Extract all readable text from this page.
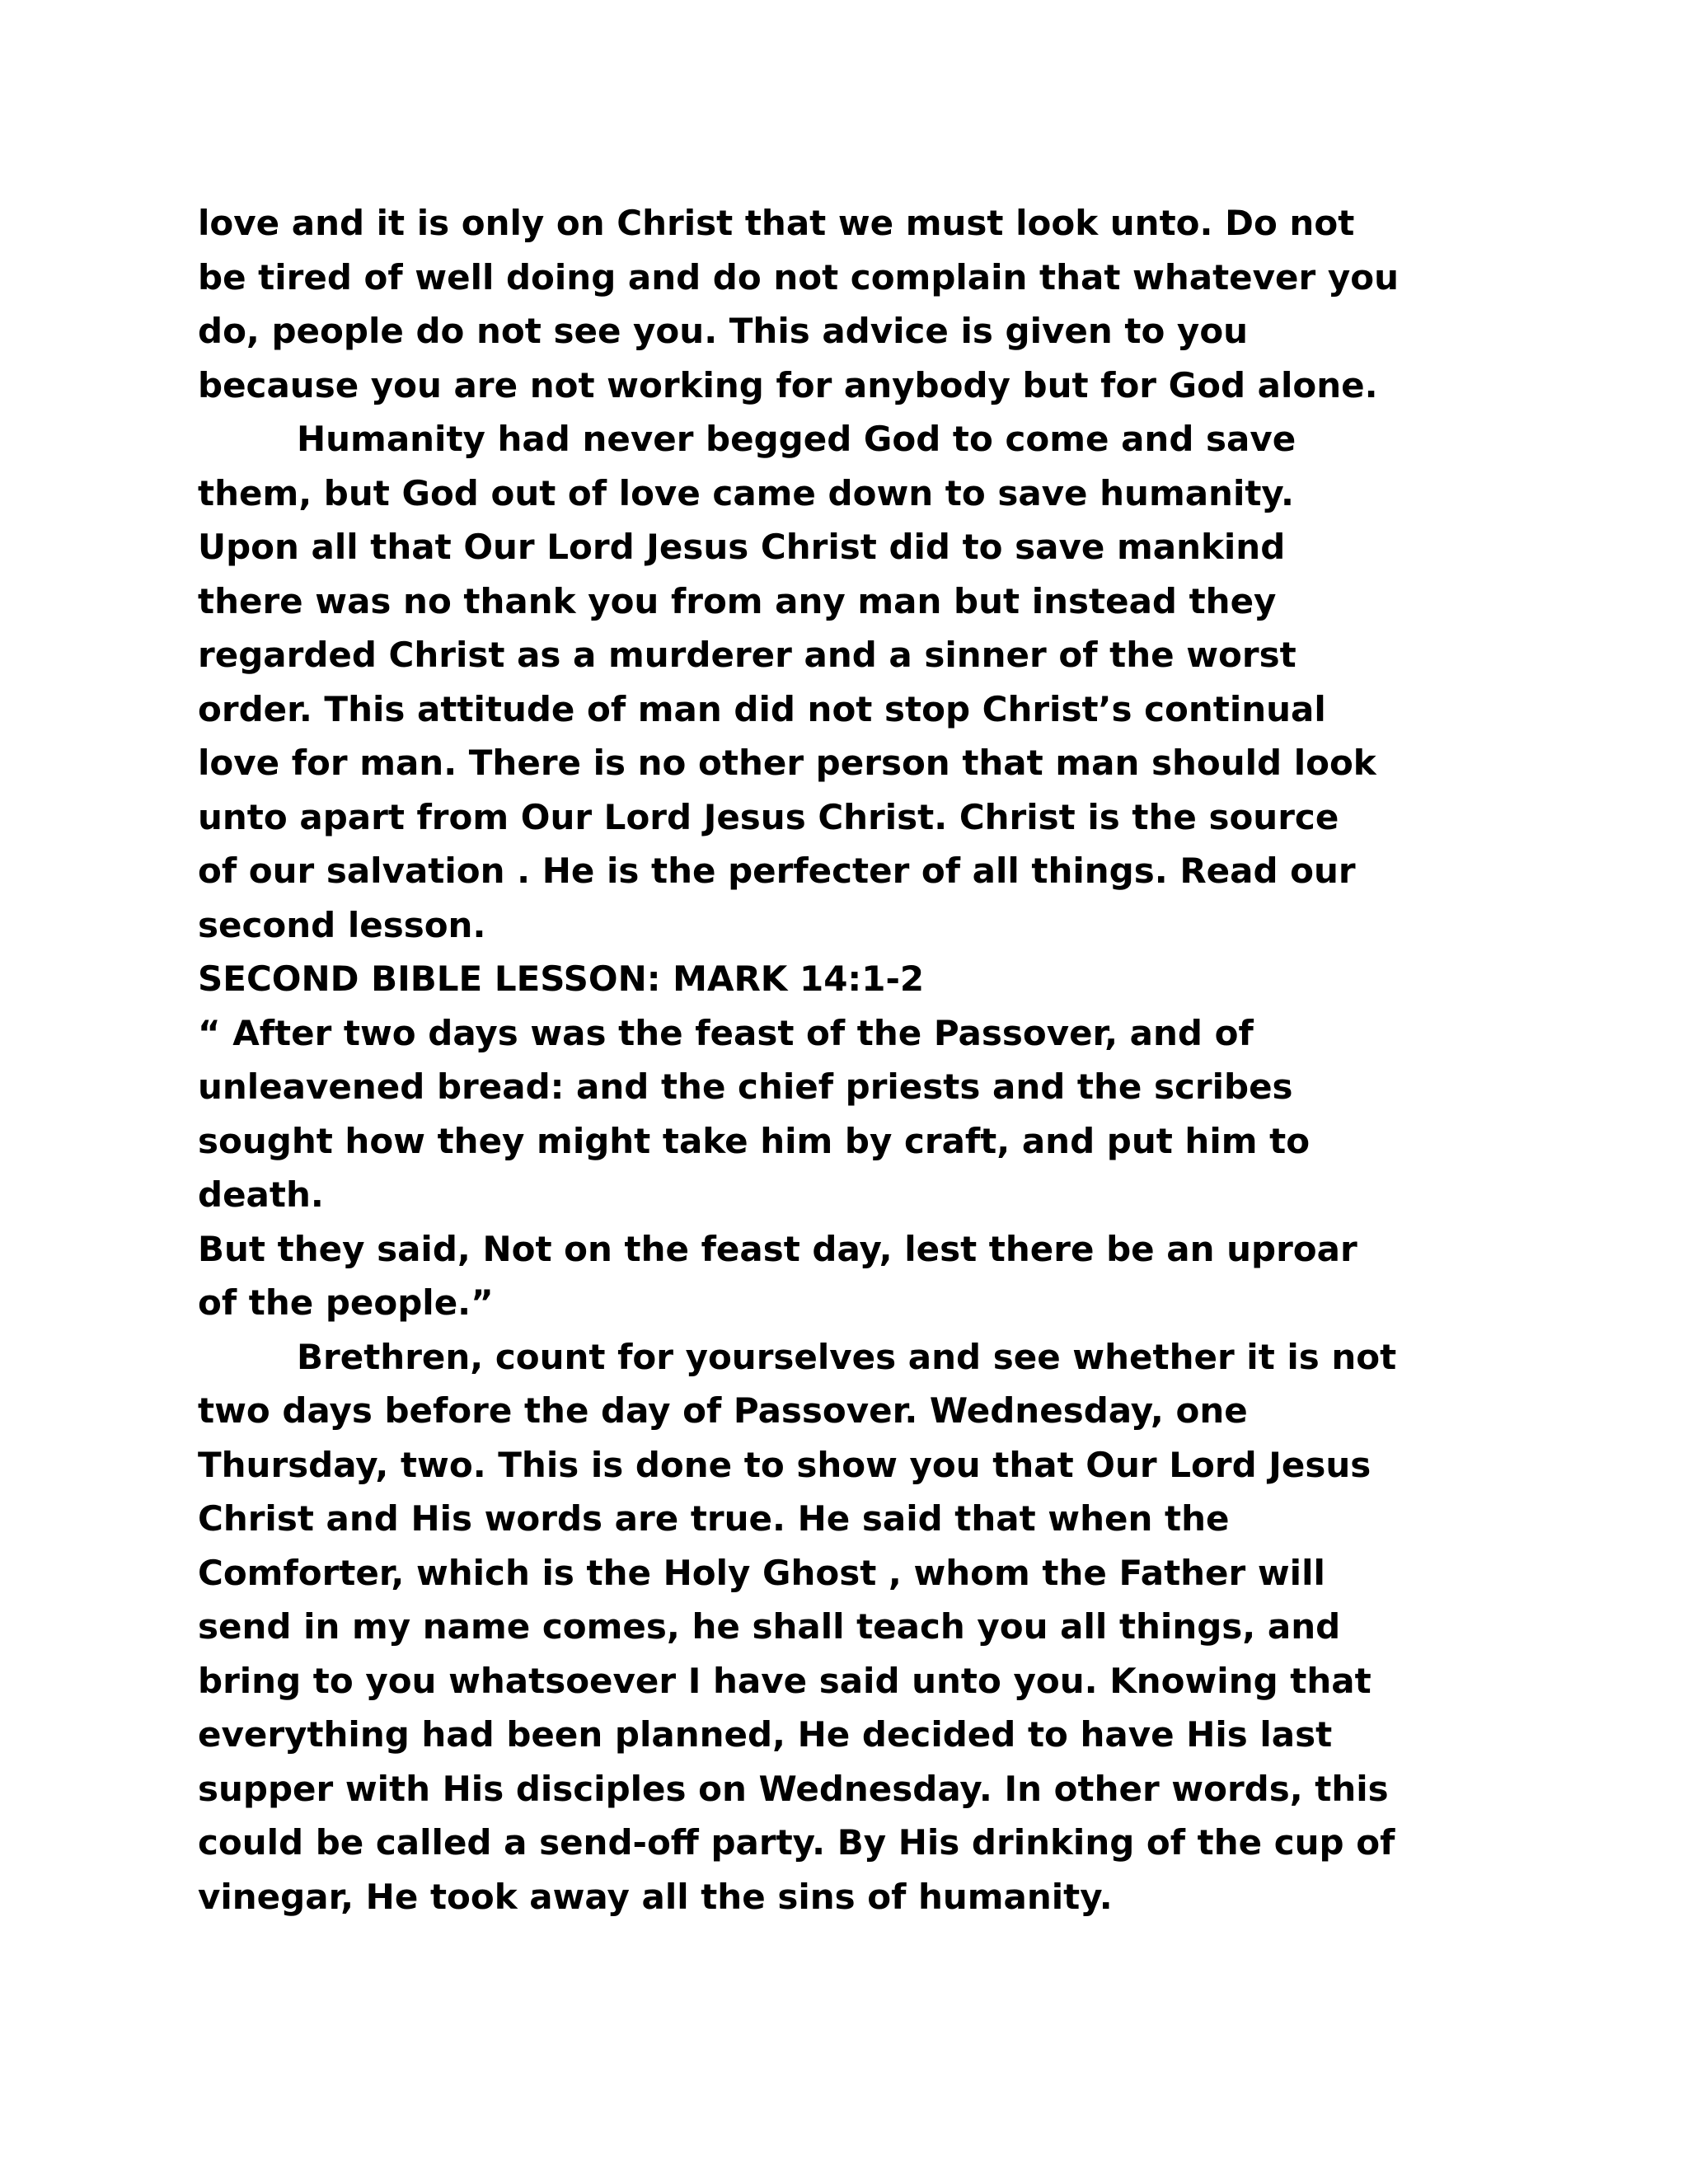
love and it is only on Christ that we must look unto. Do not
be tired of well doing and do not complain that whatever you
do, people do not see you. This advice is given to you
because you are not working for anybody but for God alone.
Humanity had never begged God to come and save
them, but God out of love came down to save humanity.
Upon all that Our Lord Jesus Christ did to save mankind
there was no thank you from any man but instead they
regarded Christ as a murderer and a sinner of the worst
order. This attitude of man did not stop Christ’s continual
love for man. There is no other person that man should look
unto apart from Our Lord Jesus Christ. Christ is the source
of our salvation . He is the perfecter of all things. Read our
second lesson.
SECOND BIBLE LESSON: MARK 14:1-2
“ After two days was the feast of the Passover, and of
unleavened bread: and the chief priests and the scribes
sought how they might take him by craft, and put him to
death.
But they said, Not on the feast day, lest there be an uproar
of the people.”
Brethren, count for yourselves and see whether it is not
two days before the day of Passover. Wednesday, one
Thursday, two. This is done to show you that Our Lord Jesus
Christ and His words are true. He said that when the
Comforter, which is the Holy Ghost , whom the Father will
send in my name comes, he shall teach you all things, and
bring to you whatsoever I have said unto you. Knowing that
everything had been planned, He decided to have His last
supper with His disciples on Wednesday. In other words, this
could be called a send-off party. By His drinking of the cup of
vinegar, He took away all the sins of humanity.
